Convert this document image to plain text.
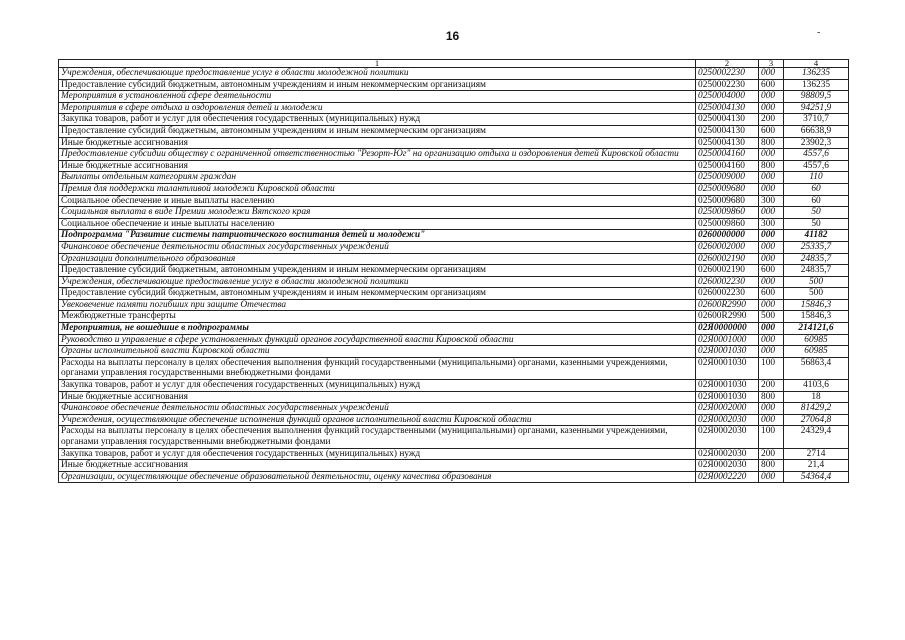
16	-
1	2	3	4
Учреждения, обеспечивающие предоставление услуг в области молодежной политики	0250002230	000	136235
Предоставление субсидий бюджетным, автономным учреждениям и иным некоммерческим организациям	0250002230	600	136235
Мероприятия в установленной сфере деятельности	0250004000	000	98809,5
Мероприятия в сфере отдыха и оздоровления детей и молодежи	0250004130	000	94251,9
Закупка товаров, работ и услуг для обеспечения государственных (муниципальных) нужд	0250004130	200	3710,7
Предоставление субсидий бюджетным, автономным учреждениям и иным некоммерческим организациям	0250004130	600	66638,9
Иные бюджетные ассигнования	0250004130	800	23902,3
Предоставление субсидии обществу с ограниченной ответственностью "Резорт-Юг" на организацию отдыха и оздоровления детей Кировской области	0250004160	000	4557,6
Иные бюджетные ассигнования	0250004160	800	4557,6
Выплаты отдельным категориям граждан	0250009000	000	110
Премия для поддержки талантливой молодежи Кировской области	0250009680	000	60
Социальное обеспечение и иные выплаты населению	0250009680	300	60
Социальная выплата в виде Премии молодежи Вятского края	0250009860	000	50
Социальное обеспечение и иные выплаты населению	0250009860	300	50
Подпрограмма "Развитие системы патриотического воспитания детей и молодежи"	0260000000	000	41182
Финансовое обеспечение деятельности областных государственных учреждений	0260002000	000	25335,7
Организации дополнительного образования	0260002190	000	24835,7
Предоставление субсидий бюджетным, автономным учреждениям и иным некоммерческим организациям	0260002190	600	24835,7
Учреждения, обеспечивающие предоставление услуг в области молодежной политики	0260002230	000	500
Предоставление субсидий бюджетным, автономным учреждениям и иным некоммерческим организациям	0260002230	600	500
Увековечение памяти погибших при защите Отечества	02600R2990	000	15846,3
Межбюджетные трансферты	02600R2990	500	15846,3
Мероприятия, не вошедшие в подпрограммы	02Я0000000	000	214121,6
Руководство и управление в сфере установленных функций органов государственной власти Кировской области	02Я0001000	000	60985
Органы исполнительной власти Кировской области	02Я0001030	000	60985
Расходы на выплаты персоналу в целях обеспечения выполнения функций государственными (муниципальными) органами, казенными учреждениями, органами управления государственными внебюджетными фондами	02Я0001030	100	56863,4
Закупка товаров, работ и услуг для обеспечения государственных (муниципальных) нужд	02Я0001030	200	4103,6
Иные бюджетные ассигнования	02Я0001030	800	18
Финансовое обеспечение деятельности областных государственных учреждений	02Я0002000	000	81429,2
Учреждения, осуществляющие обеспечение исполнения функций органов исполнительной власти Кировской области	02Я0002030	000	27064,8
Расходы на выплаты персоналу в целях обеспечения выполнения функций государственными (муниципальными) органами, казенными учреждениями, органами управления государственными внебюджетными фондами	02Я0002030	100	24329,4
Закупка товаров, работ и услуг для обеспечения государственных (муниципальных) нужд	02Я0002030	200	2714
Иные бюджетные ассигнования	02Я0002030	800	21,4
Организации, осуществляющие обеспечение образовательной деятельности, оценку качества образования	02Я0002220	000	54364,4
